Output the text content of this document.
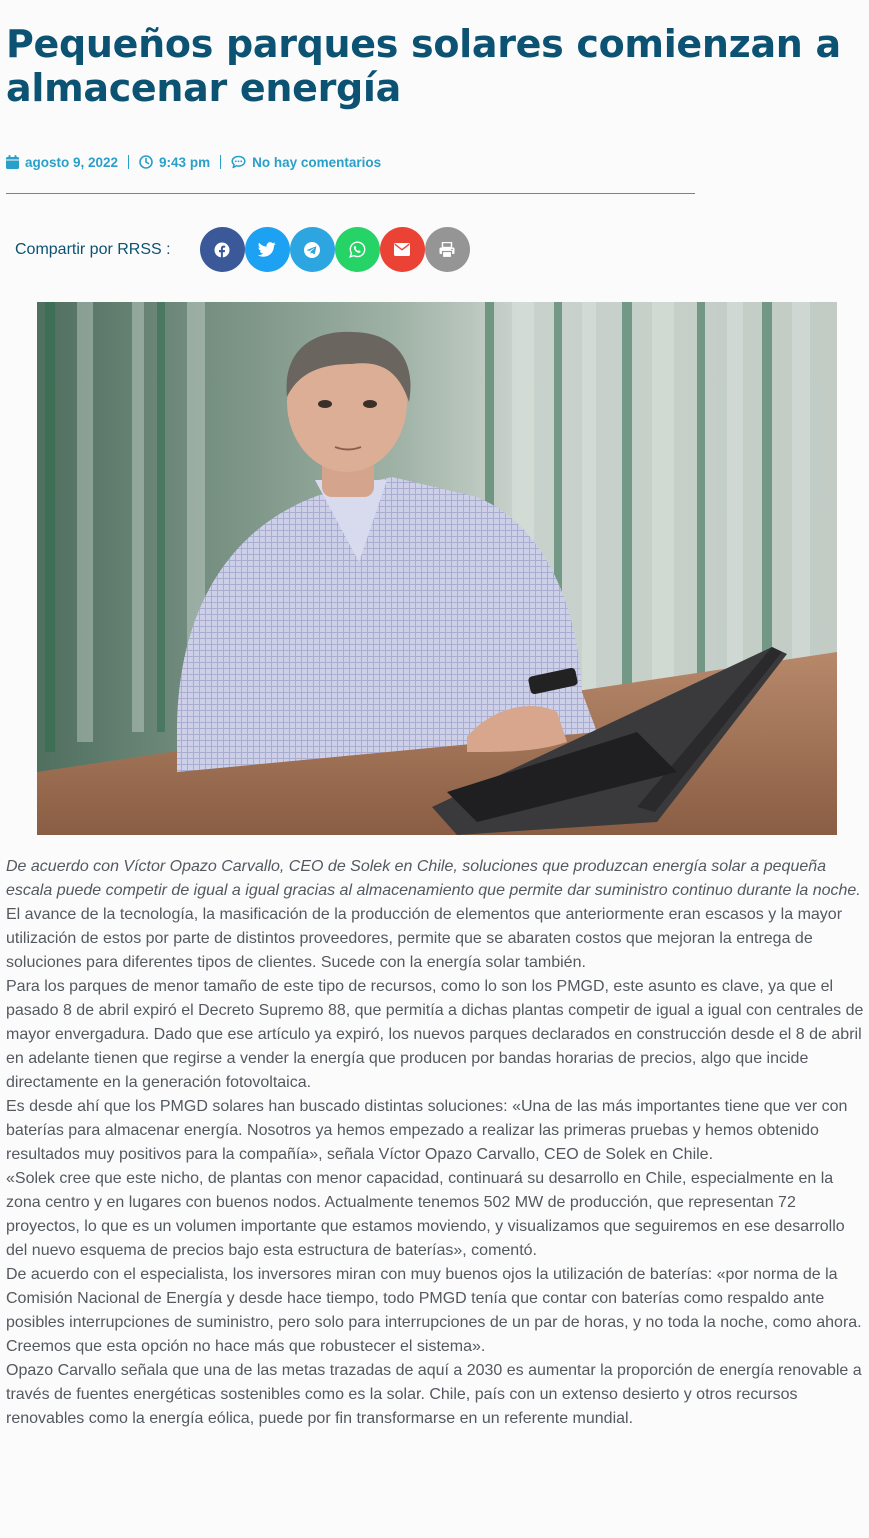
Pequeños parques solares comienzan a almacenar energía
agosto 9, 2022	9:43 pm	No hay comentarios
Compartir por RRSS :

De acuerdo con Víctor Opazo Carvallo, CEO de Solek en Chile, soluciones que produzcan energía solar a pequeña escala puede competir de igual a igual gracias al almacenamiento que permite dar suministro continuo durante la noche.

El avance de la tecnología, la masificación de la producción de elementos que anteriormente eran escasos y la mayor utilización de estos por parte de distintos proveedores, permite que se abaraten costos que mejoran la entrega de soluciones para diferentes tipos de clientes. Sucede con la energía solar también.

Para los parques de menor tamaño de este tipo de recursos, como lo son los PMGD, este asunto es clave, ya que el pasado 8 de abril expiró el Decreto Supremo 88, que permitía a dichas plantas competir de igual a igual con centrales de mayor envergadura. Dado que ese artículo ya expiró, los nuevos parques declarados en construcción desde el 8 de abril en adelante tienen que regirse a vender la energía que producen por bandas horarias de precios, algo que incide directamente en la generación fotovoltaica.

Es desde ahí que los PMGD solares han buscado distintas soluciones: «Una de las más importantes tiene que ver con baterías para almacenar energía. Nosotros ya hemos empezado a realizar las primeras pruebas y hemos obtenido resultados muy positivos para la compañía», señala Víctor Opazo Carvallo, CEO de Solek en Chile.

«Solek cree que este nicho, de plantas con menor capacidad, continuará su desarrollo en Chile, especialmente en la zona centro y en lugares con buenos nodos. Actualmente tenemos 502 MW de producción, que representan 72 proyectos, lo que es un volumen importante que estamos moviendo, y visualizamos que seguiremos en ese desarrollo del nuevo esquema de precios bajo esta estructura de baterías», comentó.

De acuerdo con el especialista, los inversores miran con muy buenos ojos la utilización de baterías: «por norma de la Comisión Nacional de Energía y desde hace tiempo, todo PMGD tenía que contar con baterías como respaldo ante posibles interrupciones de suministro, pero solo para interrupciones de un par de horas, y no toda la noche, como ahora. Creemos que esta opción no hace más que robustecer el sistema».

Opazo Carvallo señala que una de las metas trazadas de aquí a 2030 es aumentar la proporción de energía renovable a través de fuentes energéticas sostenibles como es la solar. Chile, país con un extenso desierto y otros recursos renovables como la energía eólica, puede por fin transformarse en un referente mundial.
